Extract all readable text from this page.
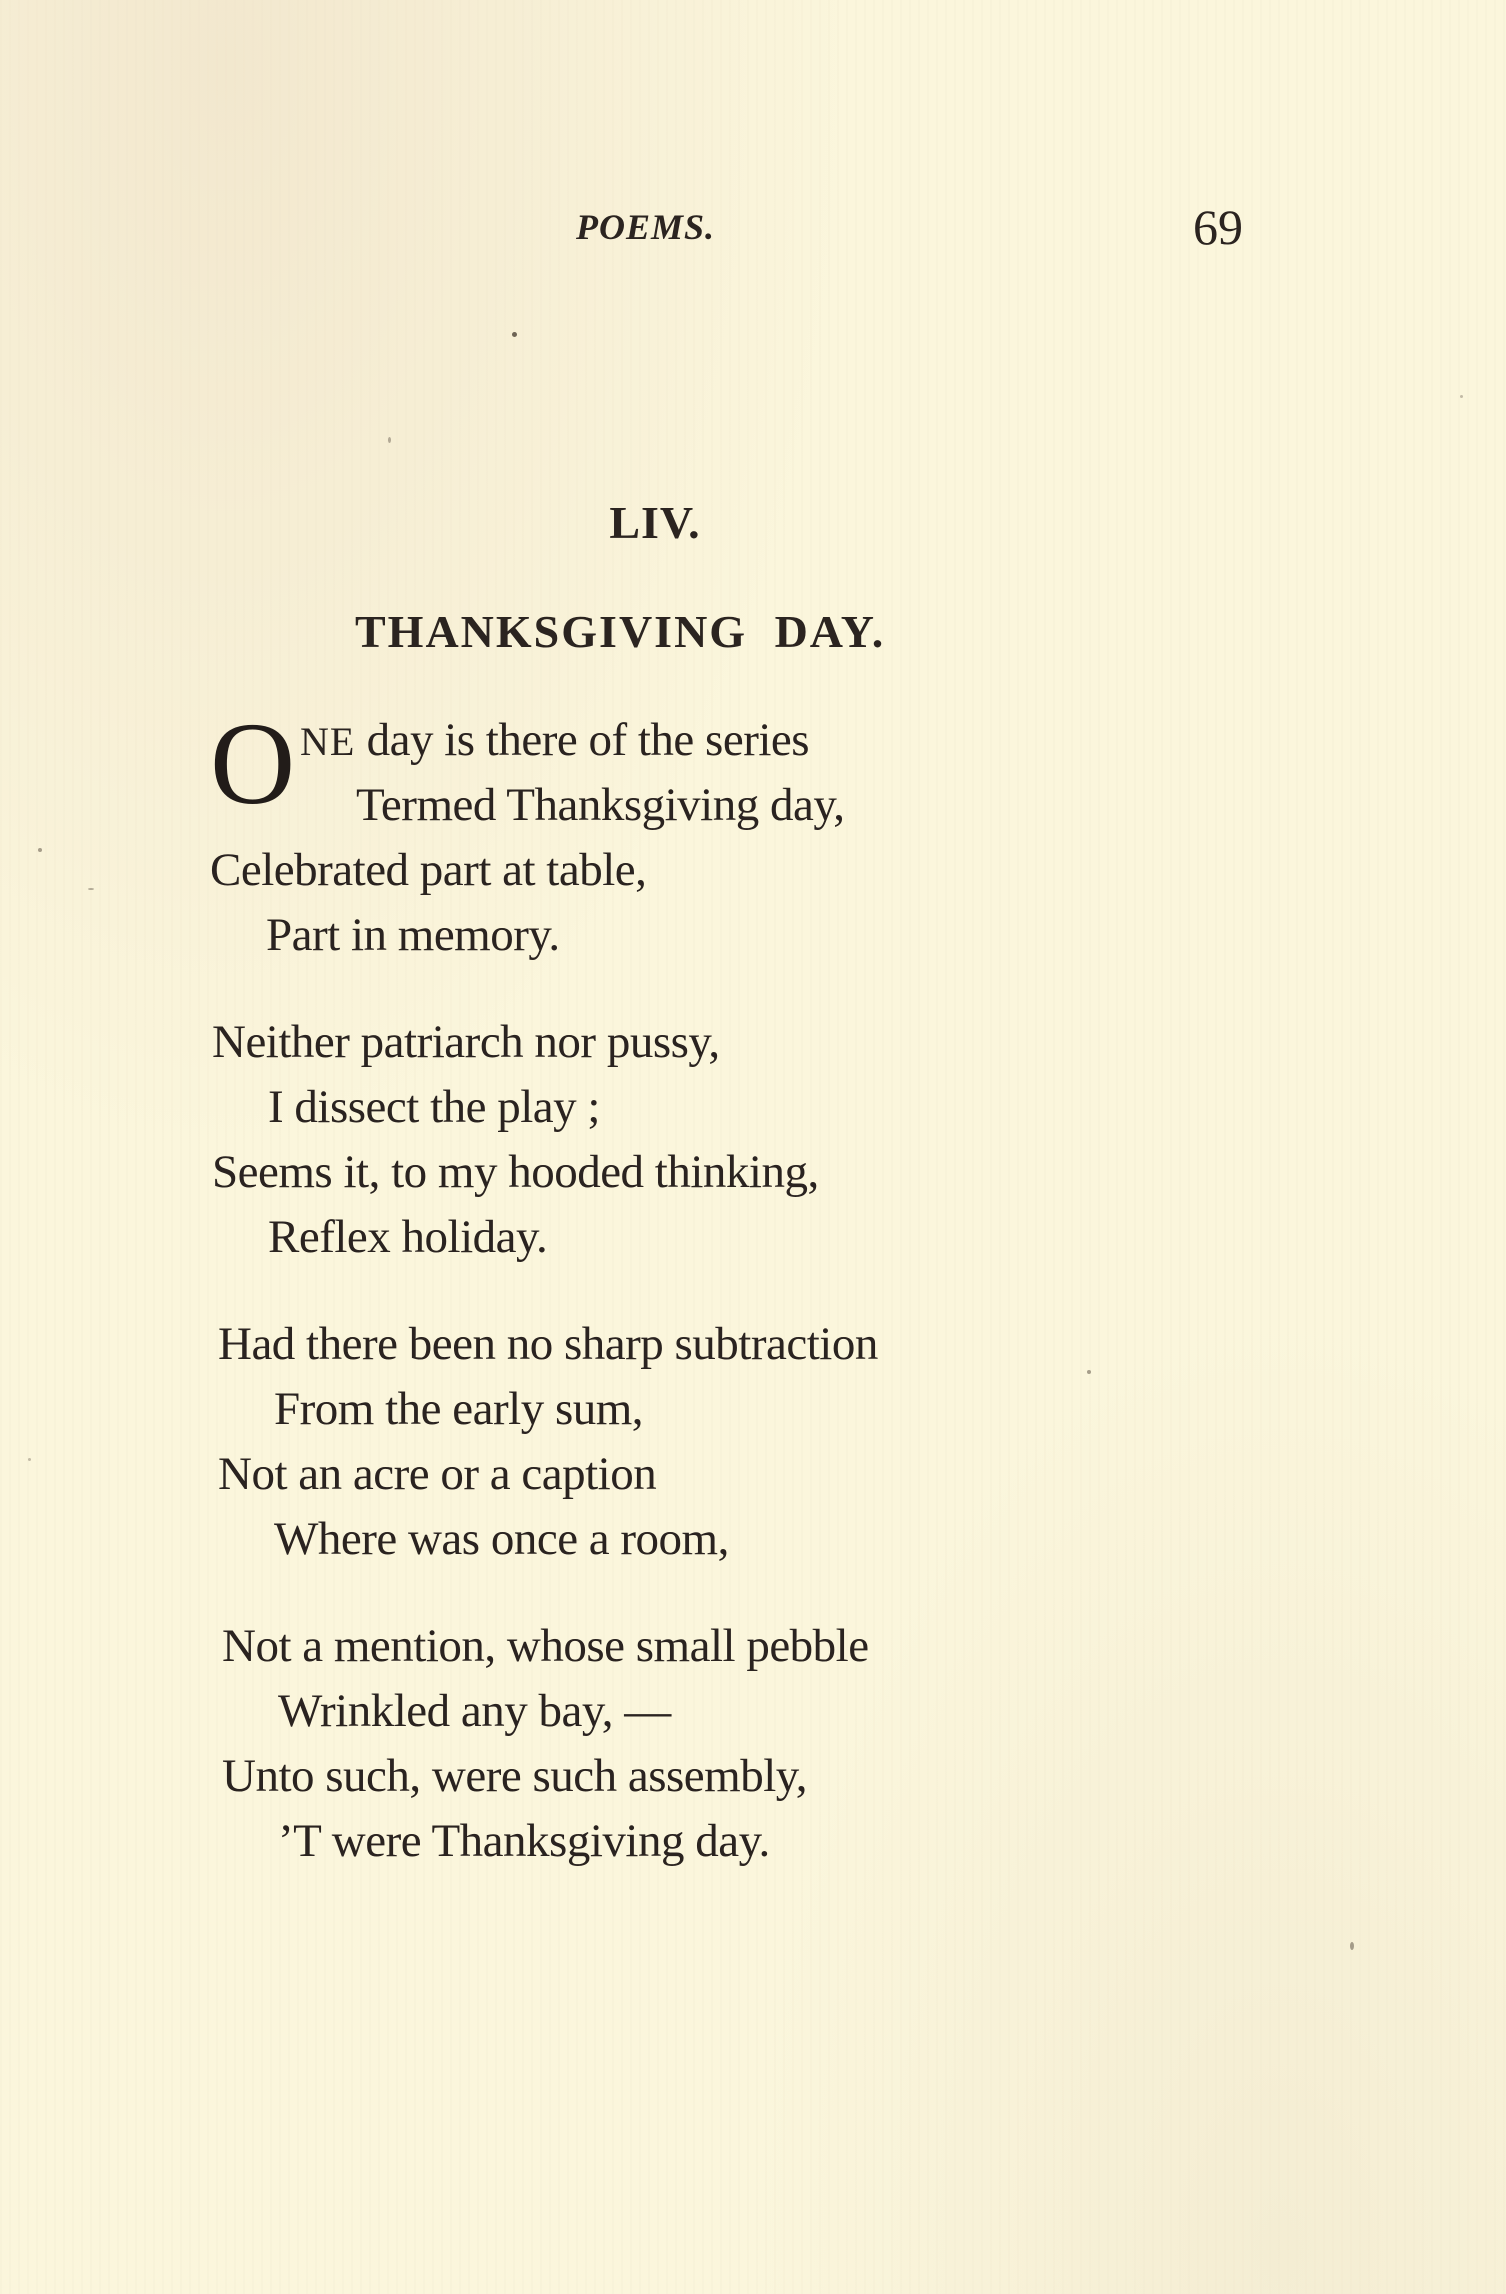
POEMS.	69
LIV.
THANKSGIVING DAY.
O NE day is there of the series
Termed Thanksgiving day,
Celebrated part at table,
Part in memory.
Neither patriarch nor pussy,
I dissect the play ;
Seems it, to my hooded thinking,
Reflex holiday.
Had there been no sharp subtraction
From the early sum,
Not an acre or a caption
Where was once a room,
Not a mention, whose small pebble
Wrinkled any bay, —
Unto such, were such assembly,
’T were Thanksgiving day.
